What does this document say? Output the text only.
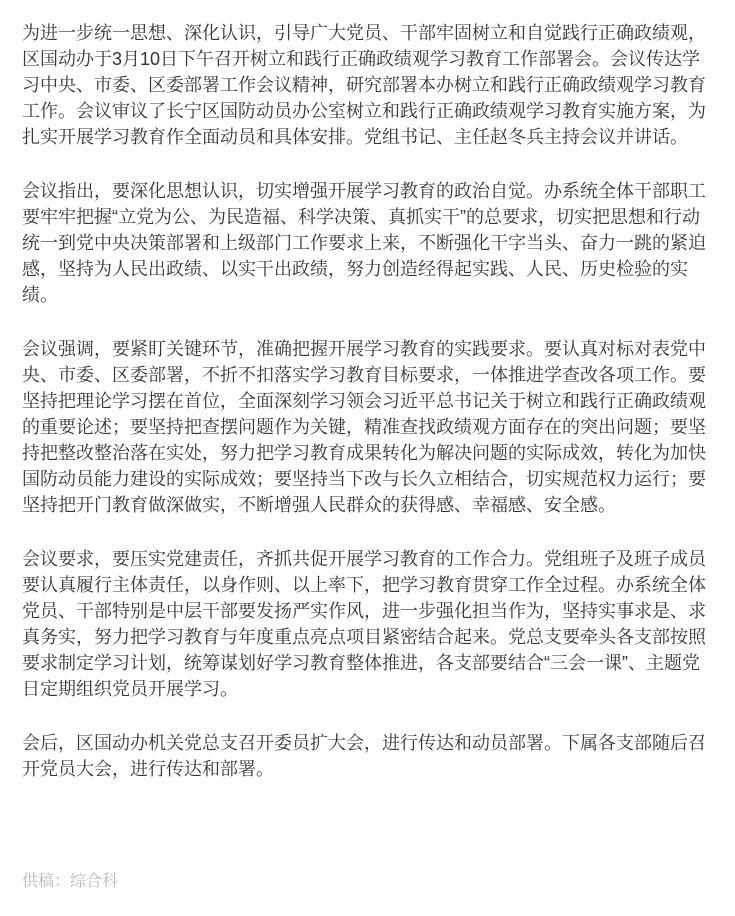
为进一步统一思想、深化认识，引导广大党员、干部牢固树立和自觉践行正确政绩观，区国动办于3月10日下午召开树立和践行正确政绩观学习教育工作部署会。会议传达学习中央、市委、区委部署工作会议精神，研究部署本办树立和践行正确政绩观学习教育工作。会议审议了长宁区国防动员办公室树立和践行正确政绩观学习教育实施方案，为扎实开展学习教育作全面动员和具体安排。党组书记、主任赵冬兵主持会议并讲话。

会议指出，要深化思想认识，切实增强开展学习教育的政治自觉。办系统全体干部职工要牢牢把握“立党为公、为民造福、科学决策、真抓实干”的总要求，切实把思想和行动统一到党中央决策部署和上级部门工作要求上来，不断强化干字当头、奋力一跳的紧迫感，坚持为人民出政绩、以实干出政绩，努力创造经得起实践、人民、历史检验的实绩。

会议强调，要紧盯关键环节，准确把握开展学习教育的实践要求。要认真对标对表党中央、市委、区委部署，不折不扣落实学习教育目标要求，一体推进学查改各项工作。要坚持把理论学习摆在首位，全面深刻学习领会习近平总书记关于树立和践行正确政绩观的重要论述；要坚持把查摆问题作为关键，精准查找政绩观方面存在的突出问题；要坚持把整改整治落在实处，努力把学习教育成果转化为解决问题的实际成效，转化为加快国防动员能力建设的实际成效；要坚持当下改与长久立相结合，切实规范权力运行；要坚持把开门教育做深做实，不断增强人民群众的获得感、幸福感、安全感。

会议要求，要压实党建责任，齐抓共促开展学习教育的工作合力。党组班子及班子成员要认真履行主体责任，以身作则、以上率下，把学习教育贯穿工作全过程。办系统全体党员、干部特别是中层干部要发扬严实作风，进一步强化担当作为，坚持实事求是、求真务实，努力把学习教育与年度重点亮点项目紧密结合起来。党总支要牵头各支部按照要求制定学习计划，统筹谋划好学习教育整体推进，各支部要结合“三会一课”、主题党日定期组织党员开展学习。

会后，区国动办机关党总支召开委员扩大会，进行传达和动员部署。下属各支部随后召开党员大会，进行传达和部署。

供稿：综合科
